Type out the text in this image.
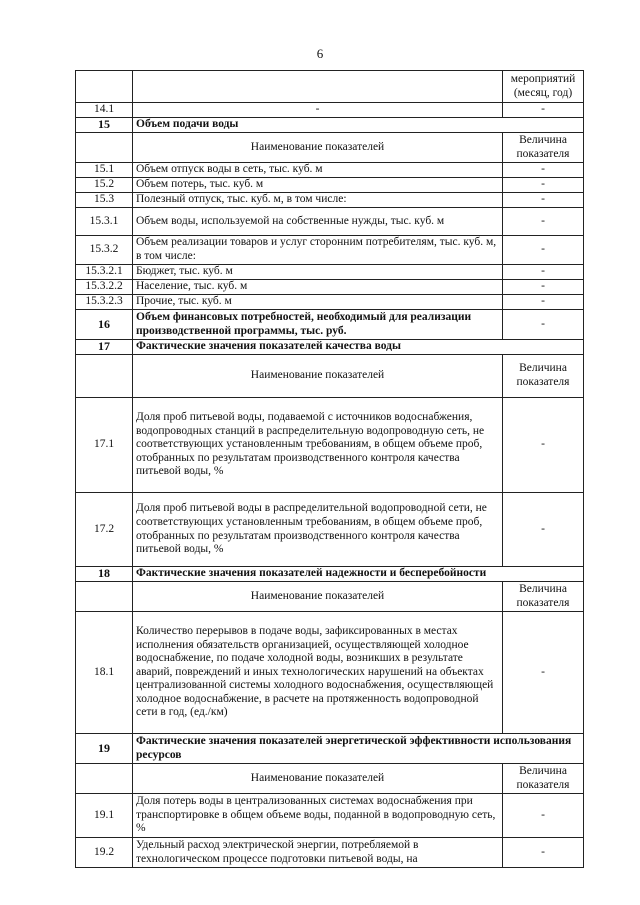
6
		мероприятий (месяц, год)
14.1	-	-
15	Объем подачи воды	
	Наименование показателей	Величина показателя
15.1	Объем отпуск воды в сеть, тыс. куб. м	-
15.2	Объем потерь, тыс. куб. м	-
15.3	Полезный отпуск, тыс. куб. м, в том числе:	-
15.3.1	Объем воды, используемой на собственные нужды, тыс. куб. м	-
15.3.2	Объем реализации товаров и услуг сторонним потребителям, тыс. куб. м, в том числе:	-
15.3.2.1	Бюджет, тыс. куб. м	-
15.3.2.2	Население, тыс. куб. м	-
15.3.2.3	Прочие, тыс. куб. м	-
16	Объем финансовых потребностей, необходимый для реализации производственной программы, тыс. руб.	-
17	Фактические значения показателей качества воды	
	Наименование показателей	Величина показателя
17.1	Доля проб питьевой воды, подаваемой с источников водоснабжения, водопроводных станций в распределительную водопроводную сеть, не соответствующих установленным требованиям, в общем объеме проб, отобранных по результатам производственного контроля качества питьевой воды, %	-
17.2	Доля проб питьевой воды в распределительной водопроводной сети, не соответствующих установленным требованиям, в общем объеме проб, отобранных по результатам производственного контроля качества питьевой воды, %	-
18	Фактические значения показателей надежности и бесперебойности	
	Наименование показателей	Величина показателя
18.1	Количество перерывов в подаче воды, зафиксированных в местах исполнения обязательств организацией, осуществляющей холодное водоснабжение, по подаче холодной воды, возникших в результате аварий, повреждений и иных технологических нарушений на объектах централизованной системы холодного водоснабжения, осуществляющей холодное водоснабжение, в расчете на протяженность водопроводной сети в год, (ед./км)	-
19	Фактические значения показателей энергетической эффективности использования ресурсов	
	Наименование показателей	Величина показателя
19.1	Доля потерь воды в централизованных системах водоснабжения при транспортировке в общем объеме воды, поданной в водопроводную сеть, %	-
19.2	Удельный расход электрической энергии, потребляемой в технологическом процессе подготовки питьевой воды, на	-
